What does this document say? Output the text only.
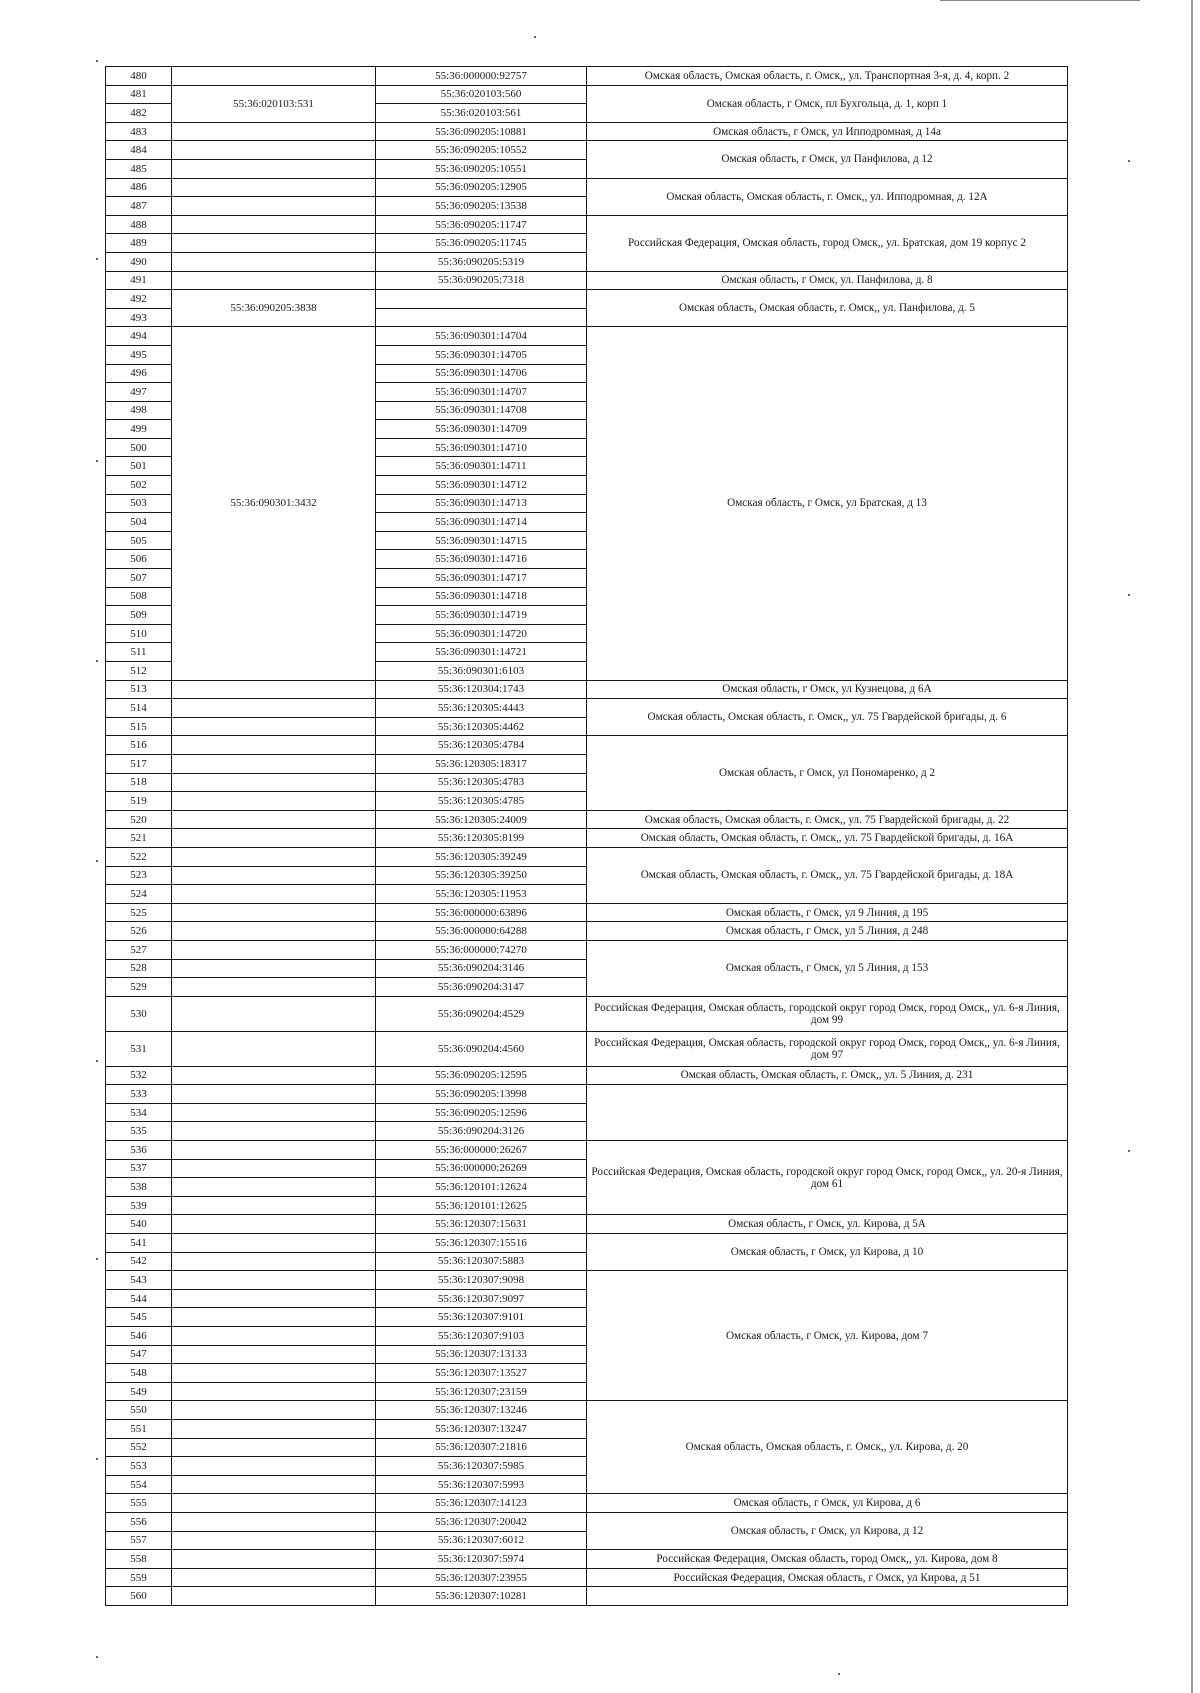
480		55:36:000000:92757	Омская область, Омская область, г. Омск,, ул. Транспортная 3-я, д. 4, корп. 2
481	55:36:020103:531	55:36:020103:560	Омская область, г Омск, пл Бухгольца, д. 1, корп 1
482		55:36:020103:561	
483		55:36:090205:10881	Омская область, г Омск, ул Ипподромная, д 14а
484		55:36:090205:10552	Омская область, г Омск, ул Панфилова, д 12
485		55:36:090205:10551	
486		55:36:090205:12905	Омская область, Омская область, г. Омск,, ул. Ипподромная, д. 12А
487		55:36:090205:13538	
488		55:36:090205:11747	Российская Федерация, Омская область, город Омск,, ул. Братская, дом 19 корпус 2
489		55:36:090205:11745	
490		55:36:090205:5319	
491		55:36:090205:7318	Омская область, г Омск, ул. Панфилова, д. 8
492	55:36:090205:3838		Омская область, Омская область, г. Омск,, ул. Панфилова, д. 5
493			
494	55:36:090301:3432	55:36:090301:14704	Омская область, г Омск, ул Братская, д 13
495		55:36:090301:14705	
496		55:36:090301:14706	
497		55:36:090301:14707	
498		55:36:090301:14708	
499		55:36:090301:14709	
500		55:36:090301:14710	
501		55:36:090301:14711	
502		55:36:090301:14712	
503		55:36:090301:14713	
504		55:36:090301:14714	
505		55:36:090301:14715	
506		55:36:090301:14716	
507		55:36:090301:14717	
508		55:36:090301:14718	
509		55:36:090301:14719	
510		55:36:090301:14720	
511		55:36:090301:14721	
512		55:36:090301:6103	
513		55:36:120304:1743	Омская область, г Омск, ул Кузнецова, д 6А
514		55:36:120305:4443	Омская область, Омская область, г. Омск,, ул. 75 Гвардейской бригады, д. 6
515		55:36:120305:4462	
516		55:36:120305:4784	Омская область, г Омск, ул Пономаренко, д 2
517		55:36:120305:18317	
518		55:36:120305:4783	
519		55:36:120305:4785	
520		55:36:120305:24009	Омская область, Омская область, г. Омск,, ул. 75 Гвардейской бригады, д. 22
521		55:36:120305:8199	Омская область, Омская область, г. Омск,, ул. 75 Гвардейской бригады, д. 16А
522		55:36:120305:39249	Омская область, Омская область, г. Омск,, ул. 75 Гвардейской бригады, д. 18А
523		55:36:120305:39250	
524		55:36:120305:11953	
525		55:36:000000:63896	Омская область, г Омск, ул 9 Линия, д 195
526		55:36:000000:64288	Омская область, г Омск, ул 5 Линия, д 248
527		55:36:000000:74270	Омская область, г Омск, ул 5 Линия, д 153
528		55:36:090204:3146	
529		55:36:090204:3147	
530		55:36:090204:4529	Российская Федерация, Омская область, городской округ город Омск, город Омск,, ул. 6-я Линия, дом 99
531		55:36:090204:4560	Российская Федерация, Омская область, городской округ город Омск, город Омск,, ул. 6-я Линия, дом 97
532		55:36:090205:12595	Омская область, Омская область, г. Омск,, ул. 5 Линия, д. 231
533		55:36:090205:13998	
534		55:36:090205:12596	
535		55:36:090204:3126	
536		55:36:000000:26267	Российская Федерация, Омская область, городской округ город Омск, город Омск,, ул. 20-я Линия, дом 61
537		55:36:000000:26269	
538		55:36:120101:12624	
539		55:36:120101:12625	
540		55:36:120307:15631	Омская область, г Омск, ул. Кирова, д 5А
541		55:36:120307:15516	Омская область, г Омск, ул Кирова, д 10
542		55:36:120307:5883	
543		55:36:120307:9098	Омская область, г Омск, ул. Кирова, дом 7
544		55:36:120307:9097	
545		55:36:120307:9101	
546		55:36:120307:9103	
547		55:36:120307:13133	
548		55:36:120307:13527	
549		55:36:120307:23159	
550		55:36:120307:13246	Омская область, Омская область, г. Омск,, ул. Кирова, д. 20
551		55:36:120307:13247	
552		55:36:120307:21816	
553		55:36:120307:5985	
554		55:36:120307:5993	
555		55:36:120307:14123	Омская область, г Омск, ул Кирова, д 6
556		55:36:120307:20042	Омская область, г Омск, ул Кирова, д 12
557		55:36:120307:6012	
558		55:36:120307:5974	Российская Федерация, Омская область, город Омск,, ул. Кирова, дом 8
559		55:36:120307:23955	Российская Федерация, Омская область, г Омск, ул Кирова, д 51
560		55:36:120307:10281	
